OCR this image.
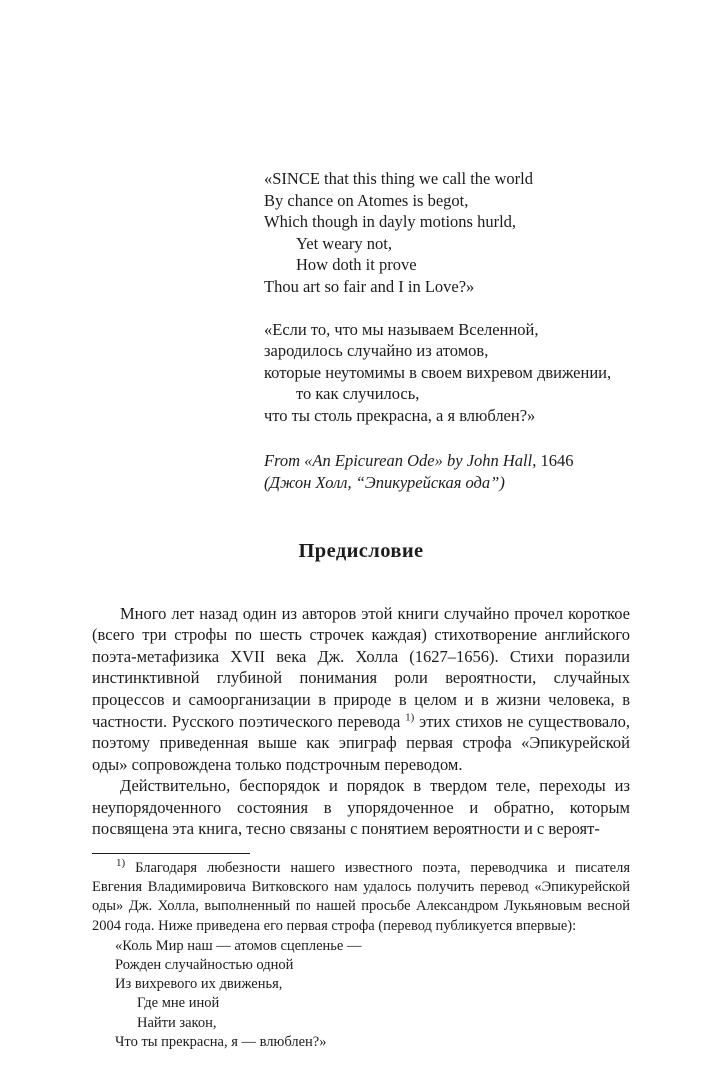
«SINCE that this thing we call the world
By chance on Atomes is begot,
Which though in dayly motions hurld,
Yet weary not,
How doth it prove
Thou art so fair and I in Love?»
«Если то, что мы называем Вселенной,
зародилось случайно из атомов,
которые неутомимы в своем вихревом движении,
то как случилось,
что ты столь прекрасна, а я влюблен?»
From «An Epicurean Ode» by John Hall, 1646
(Джон Холл, “Эпикурейская ода”)
Предисловие

Много лет назад один из авторов этой книги случайно прочел короткое (всего три строфы по шесть строчек каждая) стихотворение английского поэта-метафизика XVII века Дж. Холла (1627–1656). Стихи поразили инстинктивной глубиной понимания роли вероятности, случайных процессов и самоорганизации в природе в целом и в жизни человека, в частности. Русского поэтического перевода $^{1)}$ этих стихов не существовало, поэтому приведенная выше как эпиграф первая строфа «Эпикурейской оды» сопровождена только подстрочным переводом.

Действительно, беспорядок и порядок в твердом теле, переходы из неупорядоченного состояния в упорядоченное и обратно, которым посвящена эта книга, тесно связаны с понятием вероятности и с вероят-

$^{1)}$ Благодаря любезности нашего известного поэта, переводчика и писателя Евгения Владимировича Витковского нам удалось получить перевод «Эпикурейской оды» Дж. Холла, выполненный по нашей просьбе Александром Лукьяновым весной 2004 года. Ниже приведена его первая строфа (перевод публикуется впервые):

«Коль Мир наш — атомов сцепленье —
Рожден случайностью одной
Из вихревого их движенья,
Где мне иной
Найти закон,
Что ты прекрасна, я — влюблен?»
